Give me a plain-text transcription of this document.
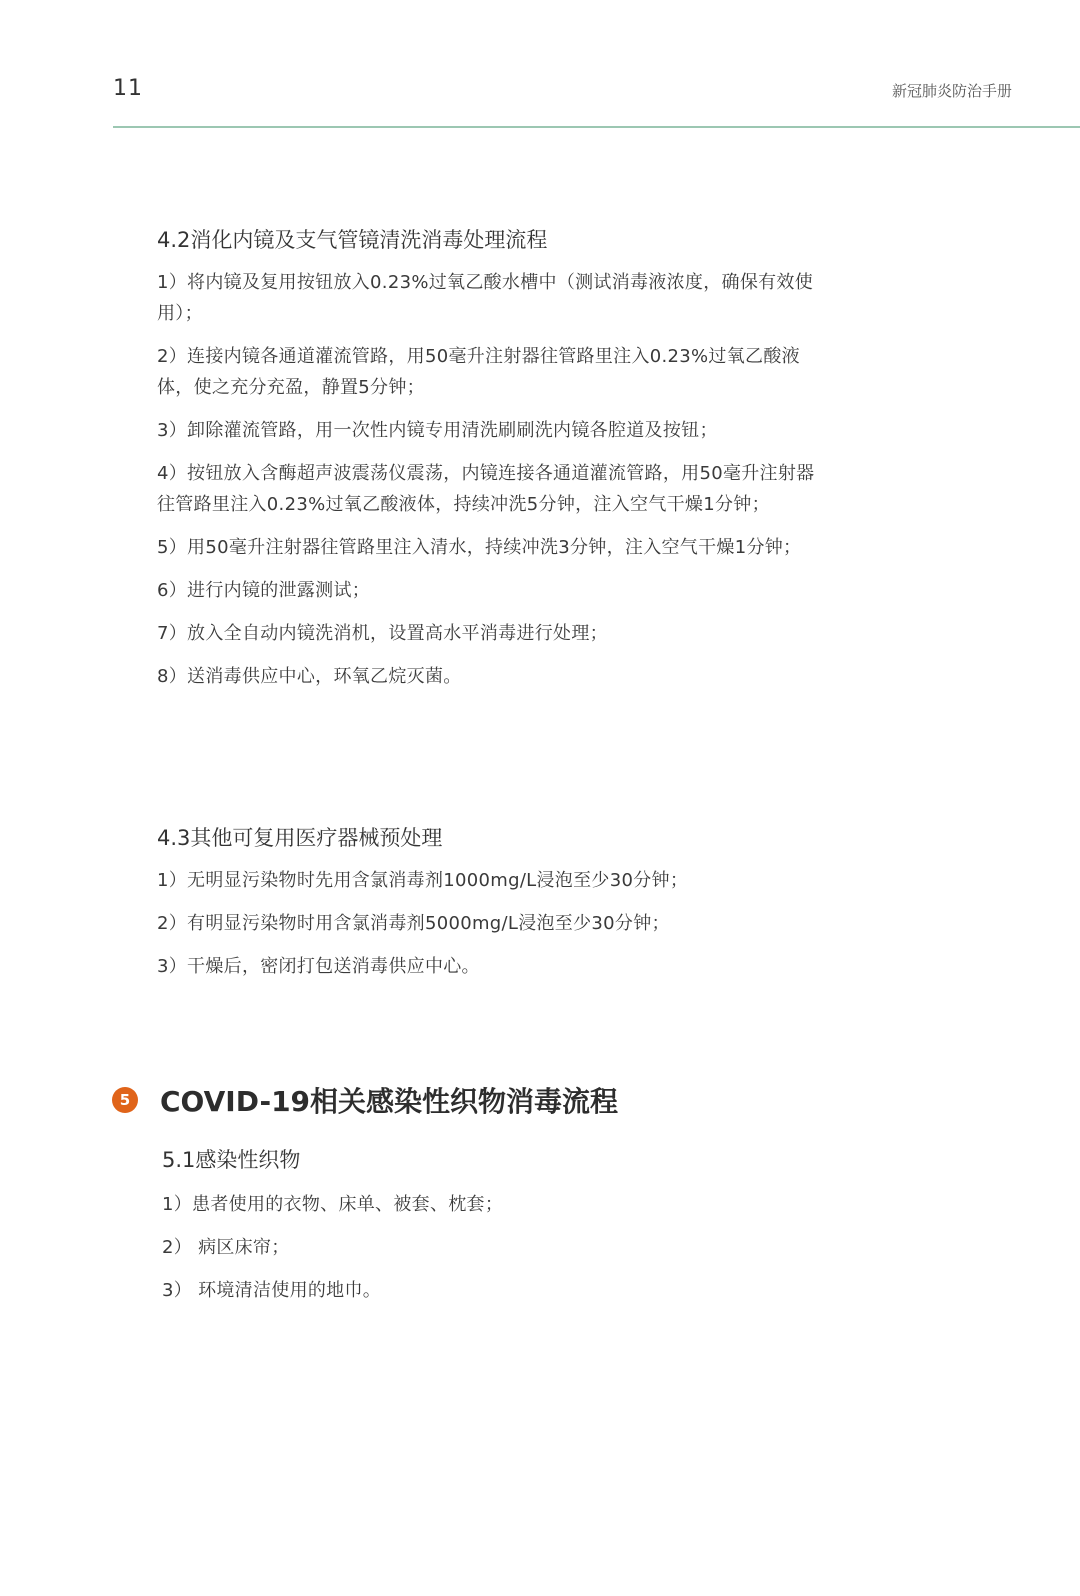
11	新冠肺炎防治手册
4.2消化内镜及支气管镜清洗消毒处理流程
1）将内镜及复用按钮放入0.23%过氧乙酸水槽中（测试消毒液浓度，确保有效使用）；
2）连接内镜各通道灌流管路，用50毫升注射器往管路里注入0.23%过氧乙酸液体，使之充分充盈，静置5分钟；
3）卸除灌流管路，用一次性内镜专用清洗刷刷洗内镜各腔道及按钮；
4）按钮放入含酶超声波震荡仪震荡，内镜连接各通道灌流管路，用50毫升注射器往管路里注入0.23%过氧乙酸液体，持续冲洗5分钟，注入空气干燥1分钟；
5）用50毫升注射器往管路里注入清水，持续冲洗3分钟，注入空气干燥1分钟；
6）进行内镜的泄露测试；
7）放入全自动内镜洗消机，设置高水平消毒进行处理；
8）送消毒供应中心，环氧乙烷灭菌。
4.3其他可复用医疗器械预处理
1）无明显污染物时先用含氯消毒剂1000mg/L浸泡至少30分钟；
2）有明显污染物时用含氯消毒剂5000mg/L浸泡至少30分钟；
3）干燥后，密闭打包送消毒供应中心。
5 COVID-19相关感染性织物消毒流程
5.1感染性织物
1）患者使用的衣物、床单、被套、枕套；
2） 病区床帘；
3） 环境清洁使用的地巾。
